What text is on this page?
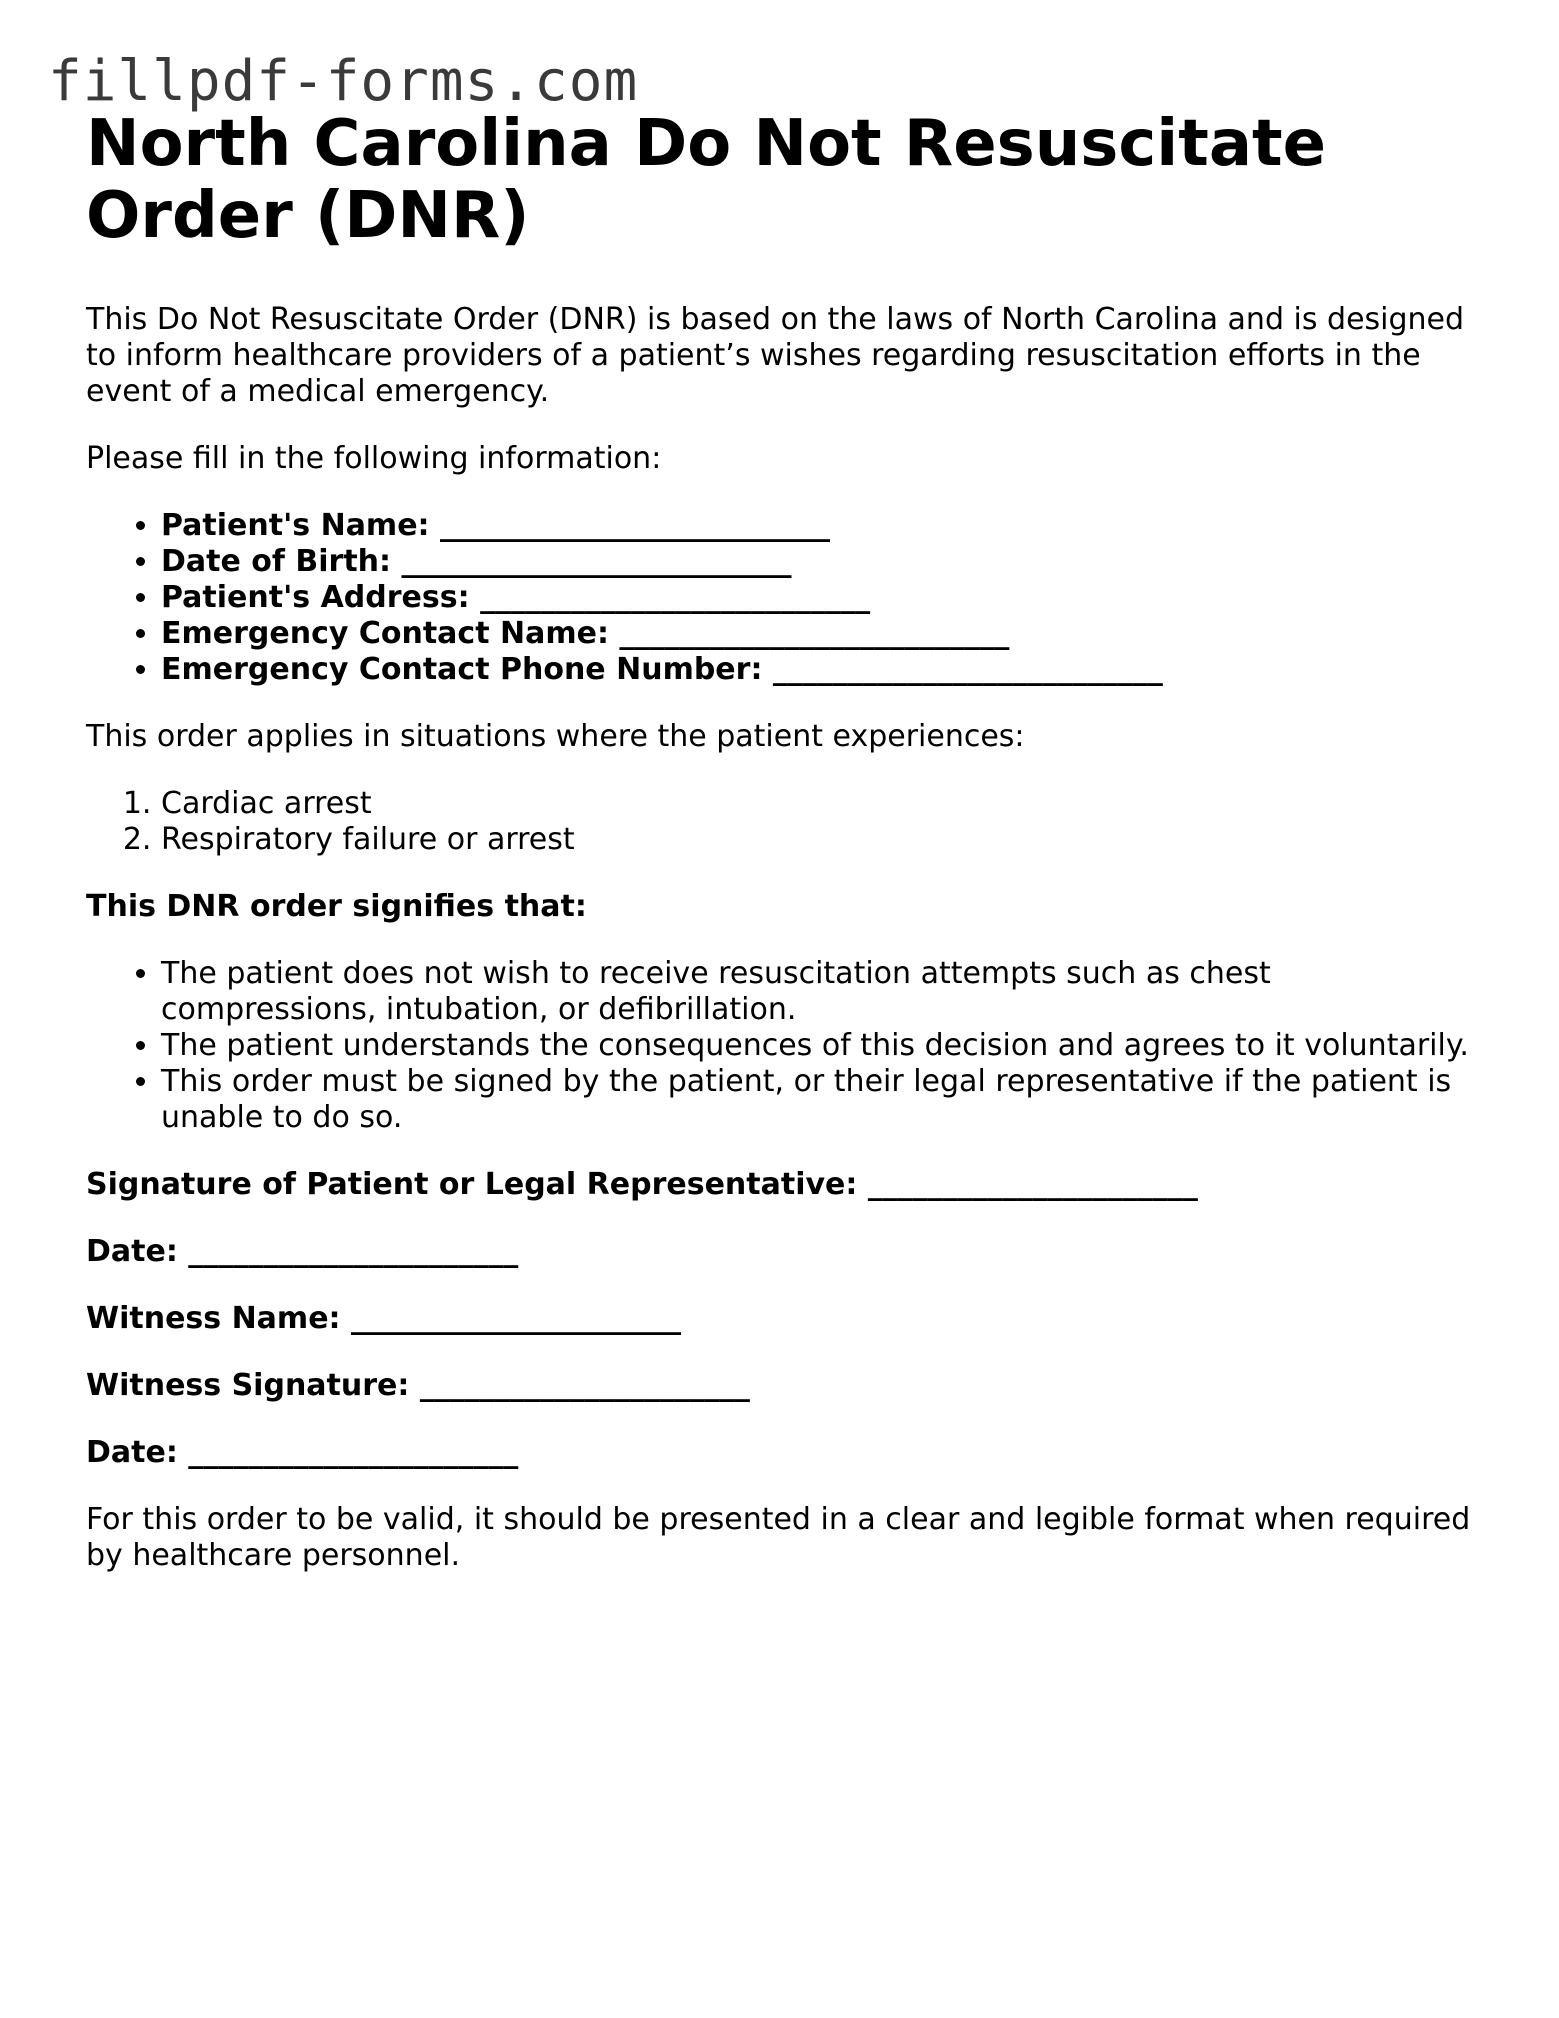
fillpdf-forms.com
North Carolina Do Not Resuscitate Order (DNR)

This Do Not Resuscitate Order (DNR) is based on the laws of North Carolina and is designed to inform healthcare providers of a patient’s wishes regarding resuscitation efforts in the event of a medical emergency.

Please fill in the following information:

• Patient's Name: __________________________
• Date of Birth: __________________________
• Patient's Address: __________________________
• Emergency Contact Name: __________________________
• Emergency Contact Phone Number: __________________________

This order applies in situations where the patient experiences:

1. Cardiac arrest
2. Respiratory failure or arrest

This DNR order signifies that:

• The patient does not wish to receive resuscitation attempts such as chest compressions, intubation, or defibrillation.
• The patient understands the consequences of this decision and agrees to it voluntarily.
• This order must be signed by the patient, or their legal representative if the patient is unable to do so.

Signature of Patient or Legal Representative: ______________________

Date: ______________________

Witness Name: ______________________

Witness Signature: ______________________

Date: ______________________

For this order to be valid, it should be presented in a clear and legible format when required by healthcare personnel.
